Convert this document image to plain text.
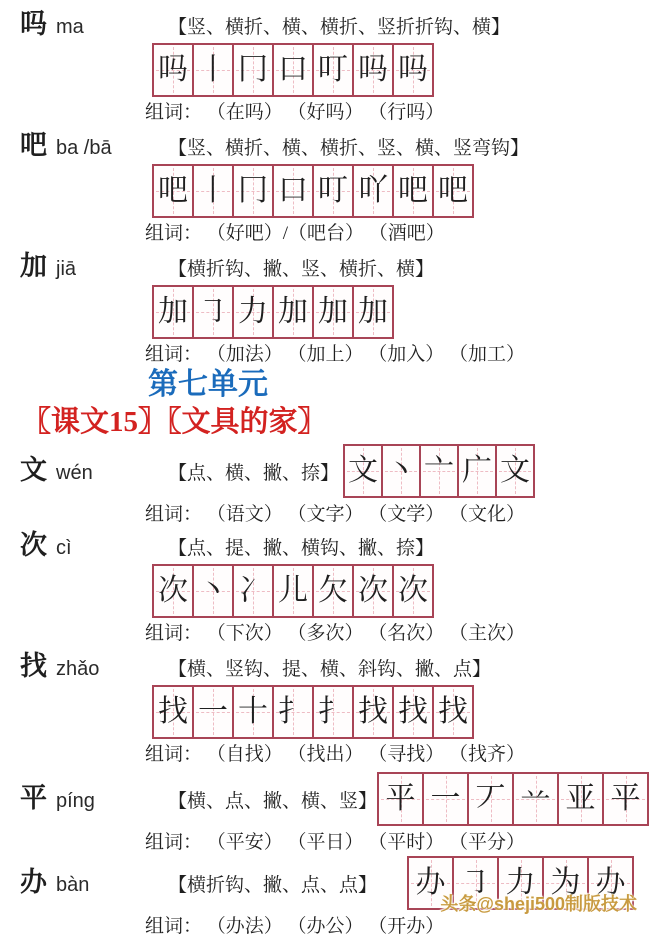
吗 ma	【竖、横折、横、横折、竖折折钩、横】
吗 丨 冂 口 叮 吗 吗
组词： （在吗） （好吗） （行吗）
吧 ba /bā	【竖、横折、横、横折、竖、横、竖弯钩】
吧 丨 冂 口 叮 吖 吧 吧
组词： （好吧）/（吧台） （酒吧）
加 jiā	【横折钩、撇、竖、横折、横】
加 ㇆ 力 加 加 加
组词： （加法） （加上） （加入） （加工）
第七单元
〖课文15〗〖文具的家〗
文 wén	【点、横、撇、捺】 文 丶 亠 广 文
组词： （语文） （文字） （文学） （文化）
次 cì	【点、提、撇、横钩、撇、捺】
次 丶 冫 儿 欠 次 次
组词： （下次） （多次） （名次） （主次）
找 zhǎo	【横、竖钩、提、横、斜钩、撇、点】
找 一 十 扌 扌 找 找 找
组词： （自找） （找出） （寻找） （找齐）
平 píng	【横、点、撇、横、竖】 平 一 丆 䒑 亚 平
组词： （平安） （平日） （平时） （平分）
办 bàn	【横折钩、撇、点、点】 办 ㇆ 力 为 办
组词： （办法） （办公） （开办）
头条@sheji500制版技术
